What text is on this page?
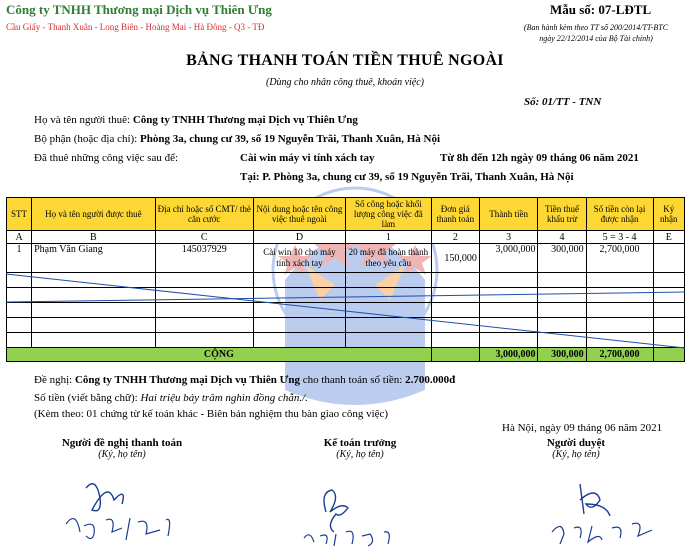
Công ty TNHH Thương mại Dịch vụ Thiên Ưng
Cầu Giấy - Thanh Xuân - Long Biên - Hoàng Mai - Hà Đông - Q3 - TĐ
Mẫu số: 07-LĐTL
(Ban hành kèm theo TT số 200/2014/TT-BTC
ngày 22/12/2014 của Bộ Tài chính)
BẢNG THANH TOÁN TIỀN THUÊ NGOÀI
(Dùng cho nhân công thuê, khoán việc)
Số: 01/TT - TNN
Họ và tên người thuê: Công ty TNHH Thương mại Dịch vụ Thiên Ưng
Bộ phận (hoặc địa chỉ): Phòng 3a, chung cư 39, số 19 Nguyễn Trãi, Thanh Xuân, Hà Nội
Đã thuê những công việc sau để:	Cài win máy vi tính xách tay	Từ 8h đến 12h ngày 09 tháng 06 năm 2021
Tại: P. Phòng 3a, chung cư 39, số 19 Nguyễn Trãi, Thanh Xuân, Hà Nội
STT	Họ và tên người được thuê	Địa chỉ hoặc số CMT/ thẻ căn cước	Nội dung hoặc tên công việc thuê ngoài	Số công hoặc khối lượng công việc đã làm	Đơn giá thanh toán	Thành tiền	Tiền thuế khấu trừ	Số tiền còn lại được nhận	Ký nhận
A	B	C	D	1	2	3	4	5 = 3 - 4	E
1	Phạm Văn Giang	145037929	Cài win 10 cho máy tính xách tay	20 máy đã hoàn thành theo yêu cầu	150,000	3,000,000	300,000	2,700,000	

CỘNG						3,000,000	300,000	2,700,000	
Đề nghị: Công ty TNHH Thương mại Dịch vụ Thiên Ưng cho thanh toán số tiền: 2.700.000đ
Số tiền (viết bằng chữ): Hai triệu bảy trăm nghìn đồng chẵn./.
(Kèm theo: 01 chứng từ kế toán khác - Biên bản nghiệm thu bàn giao công việc)
Hà Nội, ngày 09 tháng 06 năm 2021
Người đề nghị thanh toán
(Ký, họ tên)
Kế toán trưởng
(Ký, họ tên)
Người duyệt
(Ký, họ tên)
